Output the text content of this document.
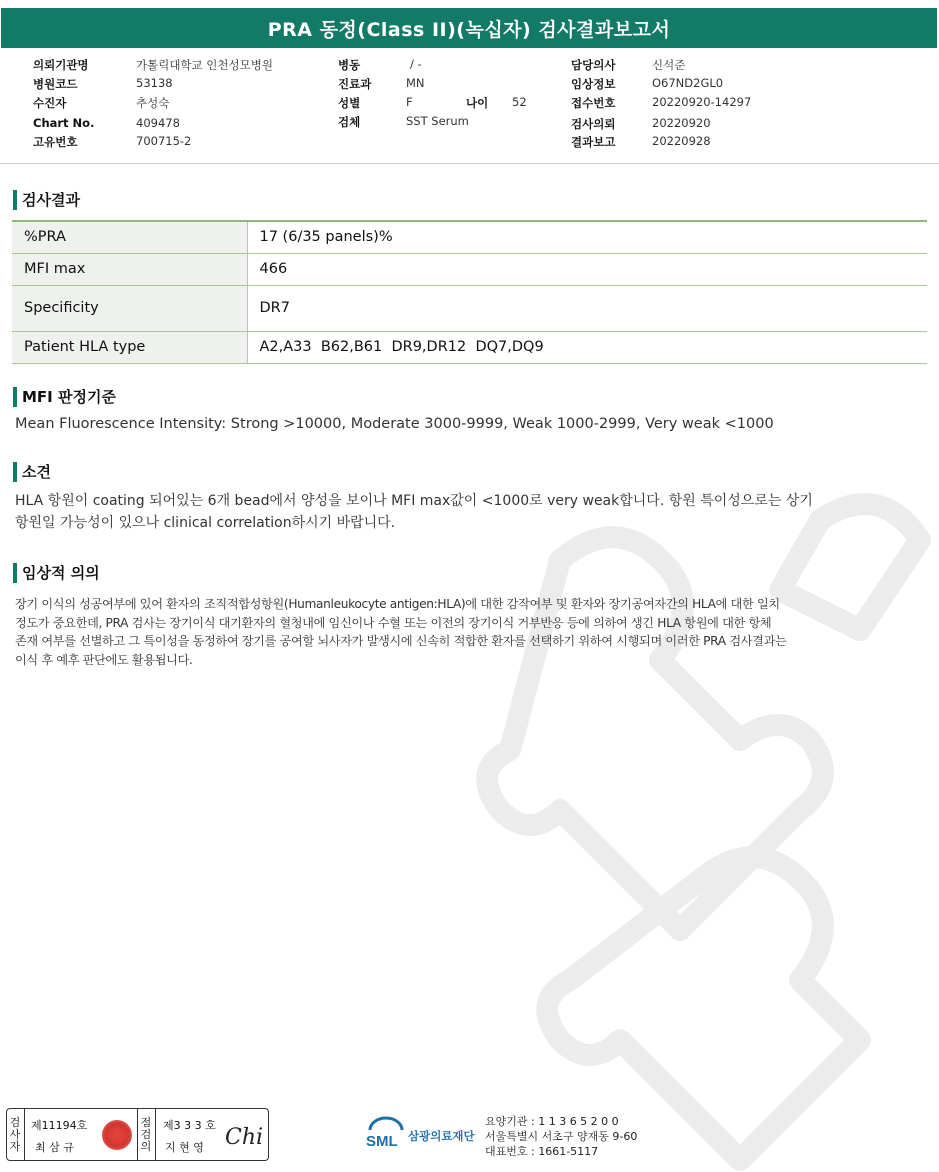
PRA 동정(Class II)(녹십자) 검사결과보고서
의뢰기관명	가톨릭대학교 인천성모병원
병원코드	53138
수진자	추성숙
Chart No.	409478
고유번호	700715-2
병동	/ -
진료과	MN
성별	F	나이 52
검체	SST Serum
담당의사	신석준
임상정보	O67ND2GL0
접수번호	20220920-14297
검사의뢰	20220920
결과보고	20220928
검사결과
%PRA	17 (6/35 panels)%
MFI max	466
Specificity	DR7
Patient HLA type	A2,A33  B62,B61  DR9,DR12  DQ7,DQ9
MFI 판정기준
Mean Fluorescence Intensity: Strong >10000, Moderate 3000-9999, Weak 1000-2999, Very weak <1000
소견
HLA 항원이 coating 되어있는 6개 bead에서 양성을 보이나 MFI max값이 <1000로 very weak합니다. 항원 특이성으로는 상기
항원일 가능성이 있으나 clinical correlation하시기 바랍니다.
임상적 의의
장기 이식의 성공여부에 있어 환자의 조직적합성항원(Humanleukocyte antigen:HLA)에 대한 감작여부 및 환자와 장기공여자간의 HLA에 대한 일치
정도가 중요한데, PRA 검사는 장기이식 대기환자의 혈청내에 임신이나 수혈 또는 이전의 장기이식 거부반응 등에 의하여 생긴 HLA 항원에 대한 항체
존재 여부를 선별하고 그 특이성을 동정하여 장기를 공여할 뇌사자가 발생시에 신속히 적합한 환자를 선택하기 위하여 시행되며 이러한 PRA 검사결과는
이식 후 예후 판단에도 활용됩니다.
검사자
제11194호
최 삼 규
점검의
제3 3 3 호
지 현 영 Chi	SML 삼광의료재단
요양기관 : 1 1 3 6 5 2 0 0
서울특별시 서초구 양재동 9-60
대표번호 : 1661-5117
